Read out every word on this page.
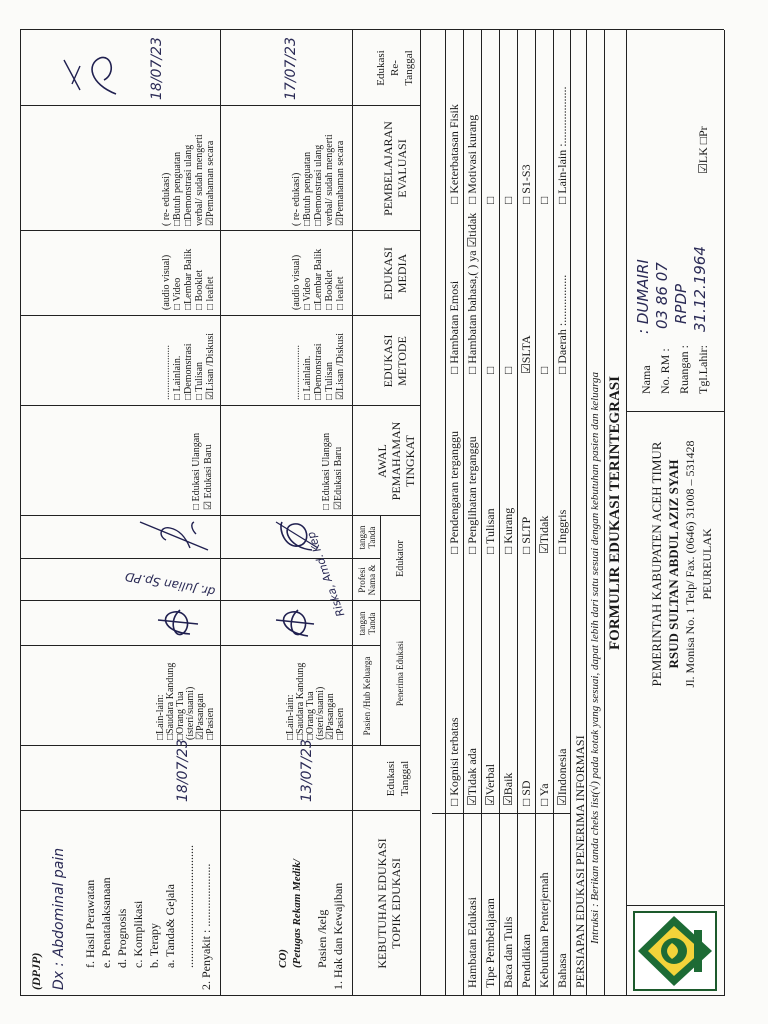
PEMERINTAH KABUPATEN ACEH TIMUR RSUD SULTAN ABDUL AZIZ SYAH Jl. Monisa No. 1 Telp/ Fax. (0646) 31008 – 531428 PEUREULAK
Nama
: DUMAIRI
No. RM :
03 86 07
Ruangan :
RPDP
Tgl.Lahir:
31.12.1964
☑LK □Pr
FORMULIR EDUKASI TERINTEGRASI
Intruksi : Berikan tanda cheks list(√) pada kotak yang sesuai, dapat lebih dari satu sesuai dengan kebutuhan pasien dan keluarga
PERSIAPAN EDUKASI PENERIMA INFORMASI
Bahasa
☑Indonesia
□ Inggris
□ Daerah :................
□ Lain-lain :...................
Kebutuhan Penterjemah
□ Ya
☑Tidak
□
□
Pendidikan
□ SD
□ SLTP
☑SLTA
□ S1-S3
Baca dan Tulis
☑Baik
□ Kurang
□
□
Tipe Pembelajaran
☑Verbal
□ Tulisan
□
□
Hambatan Edukasi
☑Tidak ada
□ Penglihatan terganggu
□ Hambatan bahasa,( ) ya ☑tidak
□ Motivasi kurang
□ Kognisi terbatas
□ Pendengaran terganggu
□ Hambatan Emosi
□ Keterbatasan Fisik
KEBUTUHAN EDUKASI TOPIK EDUKASI
Tanggal
Edukasi
Penerima Edukasi
Pasien /Hub Keluarga
Tanda
tangan
Edukator
Nama &
Profesi
Tanda
tangan
TINGKAT
PEMAHAMAN
AWAL
METODE
EDUKASI
MEDIA
EDUKASI
EVALUASI
PEMBELAJARAN
Tanggal
Re-
Edukasi
1. Hak dan Kewajiban
Pasien /kelg
(Petugas Rekam Medik/
CO)
13/07/23
□Pasien
☑Pasangan
(isteri/suami)
□Orang Tua
□Saudara Kandung
□Lain-lain:
Riska, Amd. Kep
☑Edukasi Baru
□ Edukasi Ulangan
☑Lisan /Diskusi
□ Tulisan
□Demonstrasi
□ Lainlain.
......................
□ leaflet
□ Booklet
□Lembar Balik
□ Video
(audio visual)
☑Pemahaman secara
verbal/ sudah mengerti
□Demonstrasi ulang
□Butuh penguatan
( re- edukasi)
17/07/23
2. Penyakit : .....................
.........................................
a. Tanda& Gejala
b. Terapy
c. Komplikasi
d. Prognosis
e. Penatalaksanaan
f. Hasil Perawatan
Dx : Abdominal pain
(DPJP)
18/07/23
□Pasien
☑Pasangan
(isteri/suami)
□Orang Tua
□Saudara Kandung
□Lain-lain:
dr. Julian Sp.PD
☑ Edukasi Baru
□ Edukasi Ulangan
☑Lisan /Diskusi
□ Tulisan
□Demonstrasi
□ Lainlain.
......................
□ leaflet
□ Booklet
□Lembar Balik
□ Video
(audio visual)
☑Pemahaman secara
verbal/ sudah mengerti
□Demonstrasi ulang
□Butuh penguatan
( re- edukasi)
18/07/23
